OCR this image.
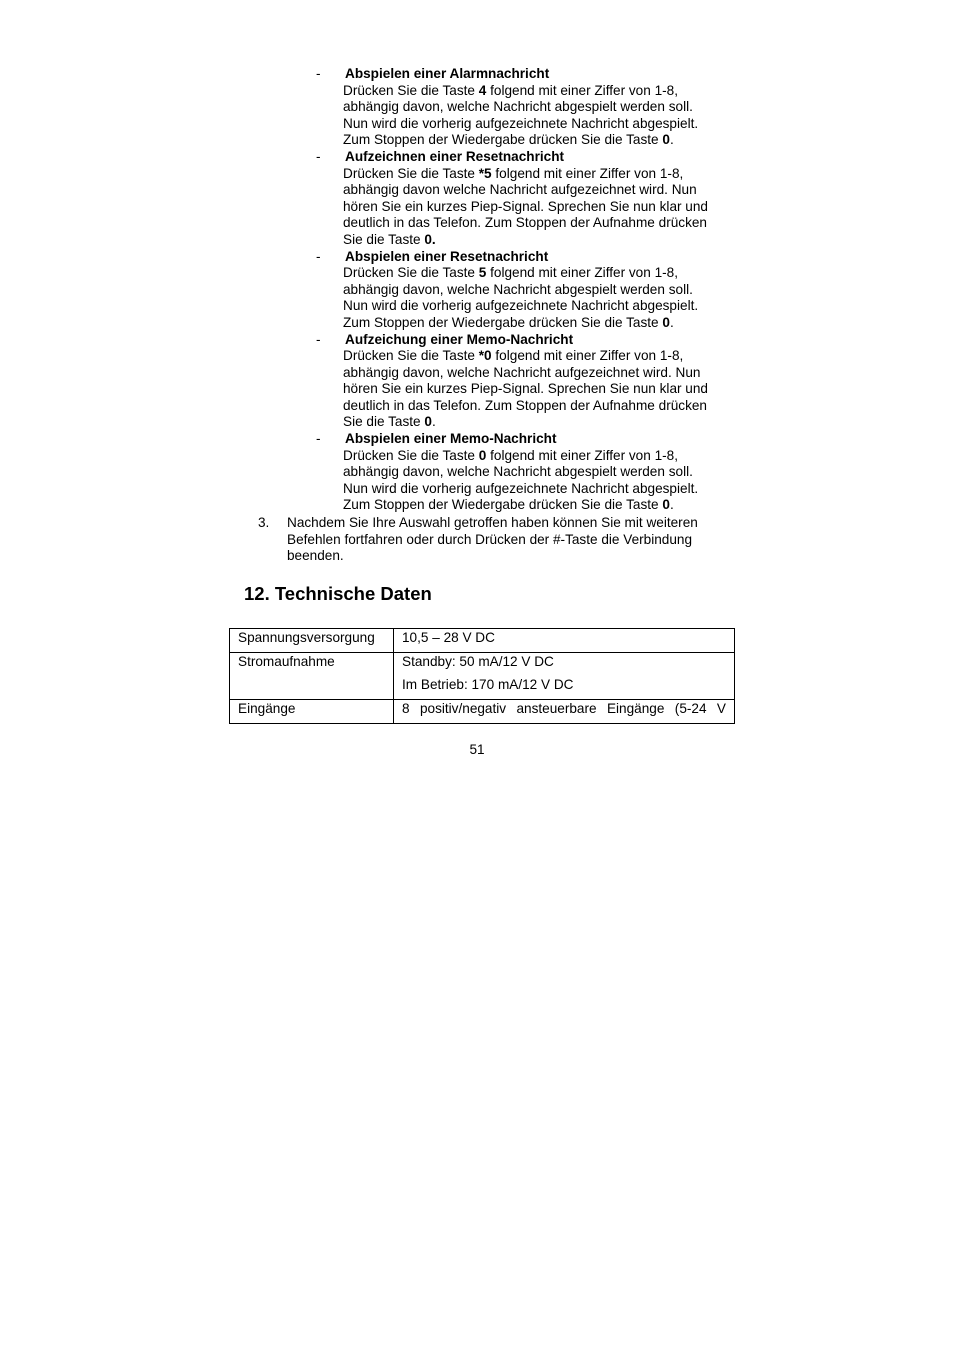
- Abspielen einer Alarmnachricht
Drücken Sie die Taste 4 folgend mit einer Ziffer von 1-8,
abhängig davon, welche Nachricht abgespielt werden soll.
Nun wird die vorherig aufgezeichnete Nachricht abgespielt.
Zum Stoppen der Wiedergabe drücken Sie die Taste 0.
- Aufzeichnen einer Resetnachricht
Drücken Sie die Taste *5 folgend mit einer Ziffer von 1-8,
abhängig davon welche Nachricht aufgezeichnet wird. Nun
hören Sie ein kurzes Piep-Signal. Sprechen Sie nun klar und
deutlich in das Telefon. Zum Stoppen der Aufnahme drücken
Sie die Taste 0.
- Abspielen einer Resetnachricht
Drücken Sie die Taste 5 folgend mit einer Ziffer von 1-8,
abhängig davon, welche Nachricht abgespielt werden soll.
Nun wird die vorherig aufgezeichnete Nachricht abgespielt.
Zum Stoppen der Wiedergabe drücken Sie die Taste 0.
- Aufzeichung einer Memo-Nachricht
Drücken Sie die Taste *0 folgend mit einer Ziffer von 1-8,
abhängig davon, welche Nachricht aufgezeichnet wird. Nun
hören Sie ein kurzes Piep-Signal. Sprechen Sie nun klar und
deutlich in das Telefon. Zum Stoppen der Aufnahme drücken
Sie die Taste 0.
- Abspielen einer Memo-Nachricht
Drücken Sie die Taste 0 folgend mit einer Ziffer von 1-8,
abhängig davon, welche Nachricht abgespielt werden soll.
Nun wird die vorherig aufgezeichnete Nachricht abgespielt.
Zum Stoppen der Wiedergabe drücken Sie die Taste 0.
3. Nachdem Sie Ihre Auswahl getroffen haben können Sie mit weiteren
Befehlen fortfahren oder durch Drücken der #-Taste die Verbindung
beenden.
12. Technische Daten
Spannungsversorgung	10,5 – 28 V DC

Stromaufnahme	Standby: 50 mA/12 V DC
Im Betrieb: 170 mA/12 V DC

Eingänge	8 positiv/negativ ansteuerbare Eingänge (5-24 V
51
